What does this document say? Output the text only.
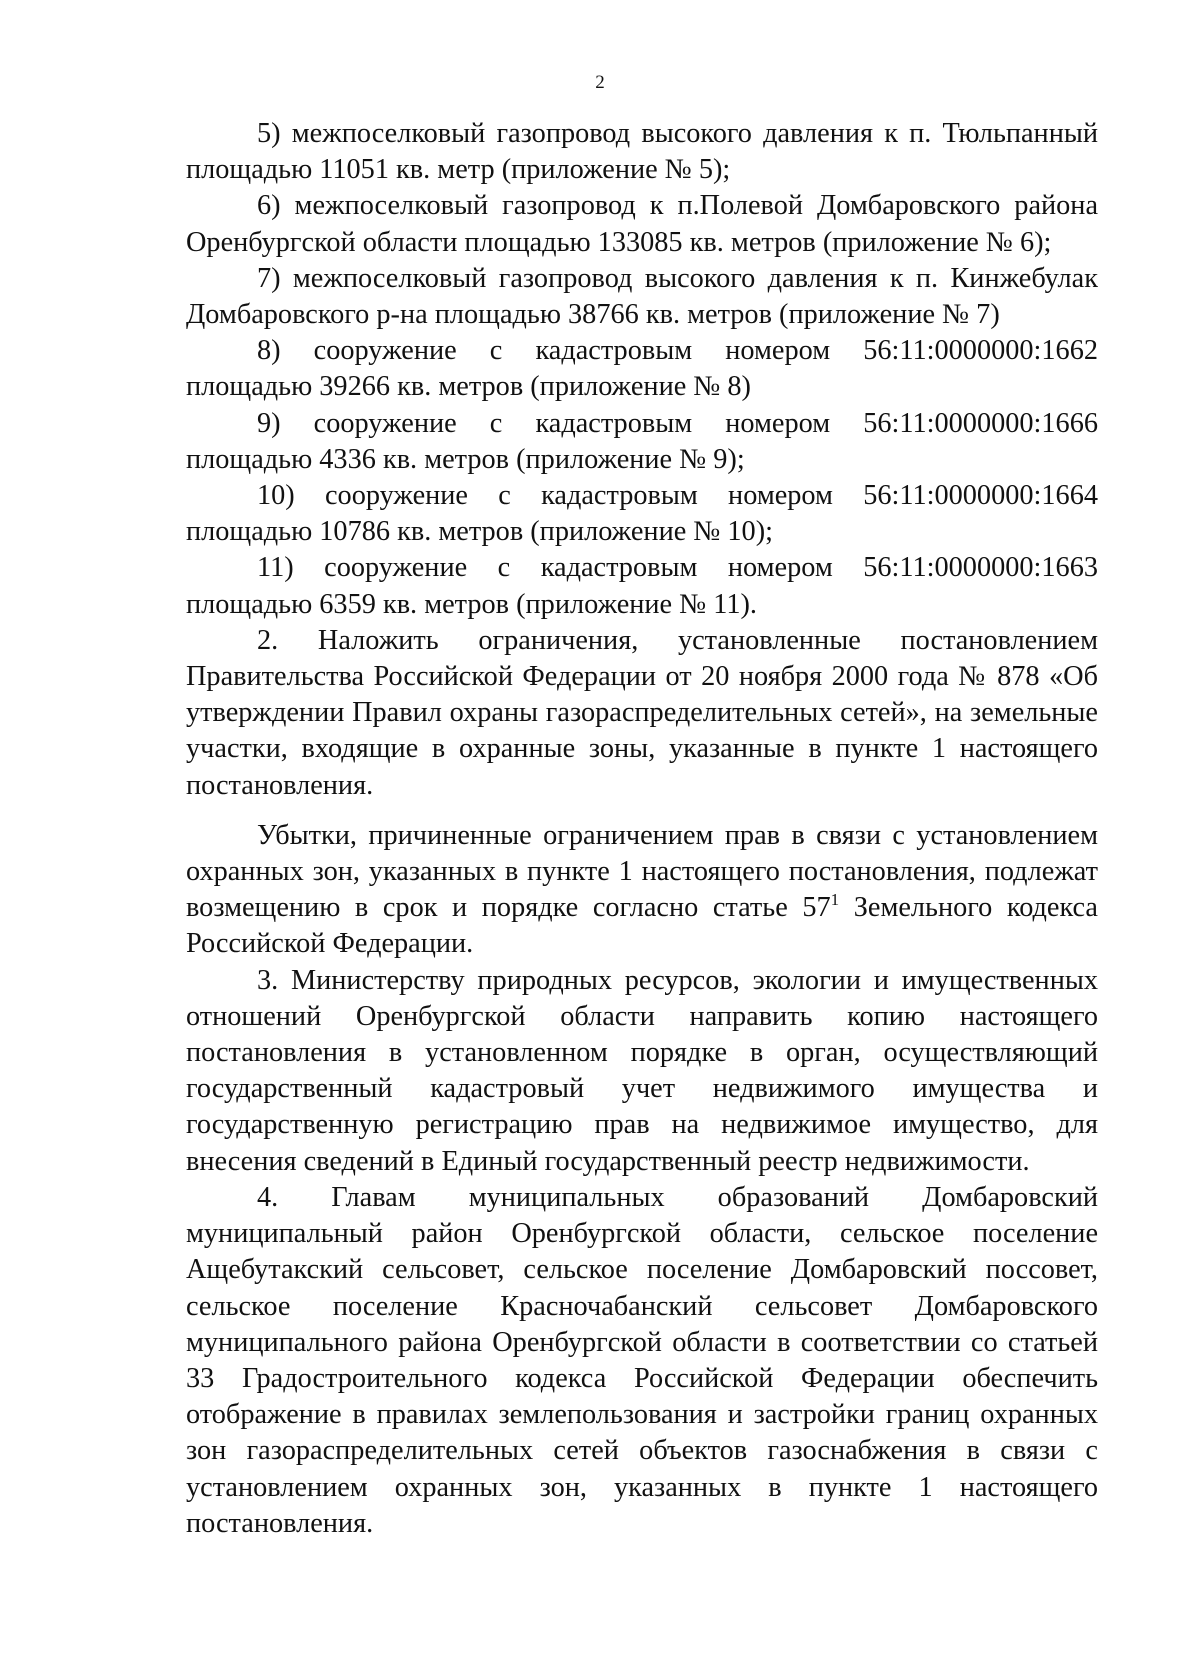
2

5) межпоселковый газопровод высокого давления к п. Тюльпанный площадью 11051 кв. метр (приложение № 5);

6) межпоселковый газопровод к п.Полевой Домбаровского района Оренбургской области площадью 133085 кв. метров (приложение № 6);

7) межпоселковый газопровод высокого давления к п. Кинжебулак Домбаровского р-на площадью 38766 кв. метров (приложение № 7)

8) сооружение с кадастровым номером 56:11:0000000:1662 площадью 39266 кв. метров (приложение № 8)

9) сооружение с кадастровым номером 56:11:0000000:1666 площадью 4336 кв. метров (приложение № 9);

10) сооружение с кадастровым номером 56:11:0000000:1664 площадью 10786 кв. метров (приложение № 10);

11) сооружение с кадастровым номером 56:11:0000000:1663 площадью 6359 кв. метров (приложение № 11).

2. Наложить ограничения, установленные постановлением Правительства Российской Федерации от 20 ноября 2000 года № 878 «Об утверждении Правил охраны газораспределительных сетей», на земельные участки, входящие в охранные зоны, указанные в пункте 1 настоящего постановления.

Убытки, причиненные ограничением прав в связи с установлением охранных зон, указанных в пункте 1 настоящего постановления, подлежат возмещению в срок и порядке согласно статье $57^1$ Земельного кодекса Российской Федерации.

3. Министерству природных ресурсов, экологии и имущественных отношений Оренбургской области направить копию настоящего постановления в установленном порядке в орган, осуществляющий государственный кадастровый учет недвижимого имущества и государственную регистрацию прав на недвижимое имущество, для внесения сведений в Единый государственный реестр недвижимости.

4. Главам муниципальных образований Домбаровский муниципальный район Оренбургской области, сельское поселение Ащебутакский сельсовет, сельское поселение Домбаровский поссовет, сельское поселение Красночабанский сельсовет Домбаровского муниципального района Оренбургской области в соответствии со статьей 33 Градостроительного кодекса Российской Федерации обеспечить отображение в правилах землепользования и застройки границ охранных зон газораспределительных сетей объектов газоснабжения в связи с установлением охранных зон, указанных в пункте 1 настоящего постановления.
